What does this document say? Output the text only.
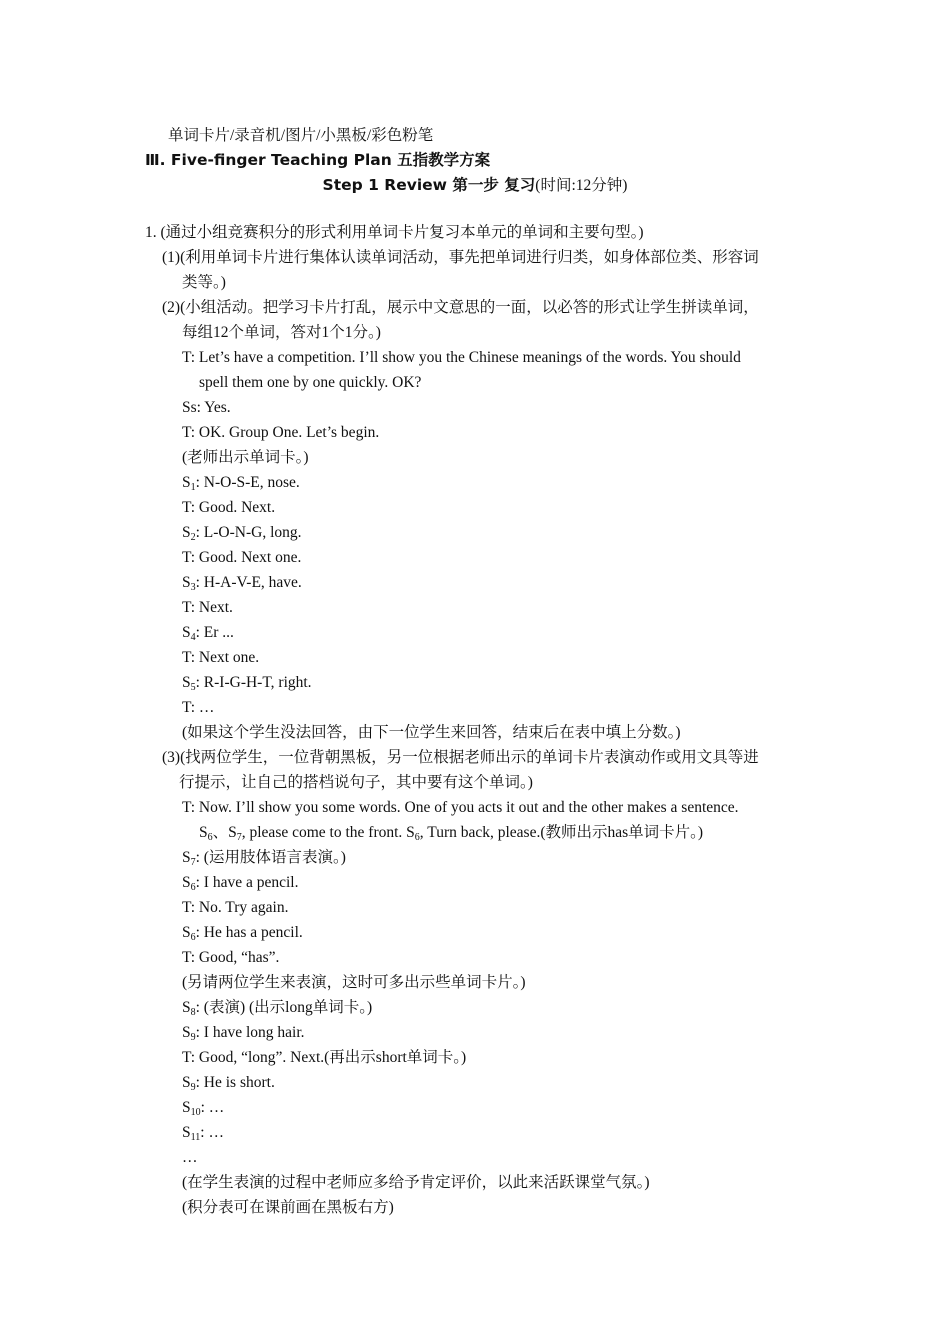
单词卡片/录音机/图片/小黑板/彩色粉笔
Ⅲ. Five-finger Teaching Plan 五指教学方案
Step 1 Review 第一步 复习(时间:12分钟)
1. (通过小组竞赛积分的形式利用单词卡片复习本单元的单词和主要句型。)
(1)(利用单词卡片进行集体认读单词活动，事先把单词进行归类，如身体部位类、形容词
类等。)
(2)(小组活动。把学习卡片打乱，展示中文意思的一面，以必答的形式让学生拼读单词，
每组12个单词，答对1个1分。)
T: Let’s have a competition. I’ll show you the Chinese meanings of the words. You should
spell them one by one quickly. OK?
Ss: Yes.
T: OK. Group One. Let’s begin.
(老师出示单词卡。)
$S_1$: N-O-S-E, nose.
T: Good. Next.
$S_2$: L-O-N-G, long.
T: Good. Next one.
$S_3$: H-A-V-E, have.
T: Next.
$S_4$: Er ...
T: Next one.
$S_5$: R-I-G-H-T, right.
T: …
(如果这个学生没法回答，由下一位学生来回答，结束后在表中填上分数。)
(3)(找两位学生，一位背朝黑板，另一位根据老师出示的单词卡片表演动作或用文具等进
行提示，让自己的搭档说句子，其中要有这个单词。)
T: Now. I’ll show you some words. One of you acts it out and the other makes a sentence.
$S_6$、$S_7$, please come to the front. $S_6$, Turn back, please.(教师出示has单词卡片。)
$S_7$: (运用肢体语言表演。)
$S_6$: I have a pencil.
T: No. Try again.
$S_6$: He has a pencil.
T: Good, “has”.
(另请两位学生来表演，这时可多出示些单词卡片。)
$S_8$: (表演) (出示long单词卡。)
$S_9$: I have long hair.
T: Good, “long”. Next.(再出示short单词卡。)
$S_9$: He is short.
$S_{10}$: …
$S_{11}$: …
…
(在学生表演的过程中老师应多给予肯定评价，以此来活跃课堂气氛。)
(积分表可在课前画在黑板右方)
